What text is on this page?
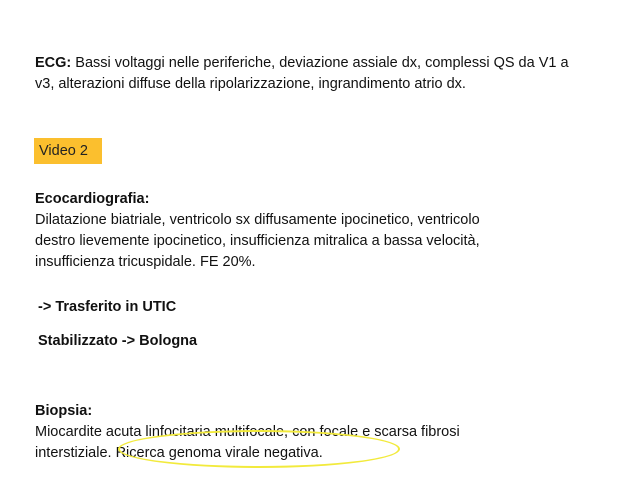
ECG: Bassi voltaggi nelle periferiche, deviazione assiale dx, complessi QS da V1 a
v3, alterazioni diffuse della ripolarizzazione, ingrandimento atrio dx.
Video 2
Ecocardiografia:
Dilatazione biatriale, ventricolo sx diffusamente ipocinetico, ventricolo
destro lievemente ipocinetico, insufficienza mitralica a bassa velocità,
insufficienza tricuspidale. FE 20%.
-> Trasferito in UTIC
Stabilizzato -> Bologna
Biopsia:
Miocardite acuta linfocitaria multifocale, con focale e scarsa fibrosi
interstiziale. Ricerca genoma virale negativa.
